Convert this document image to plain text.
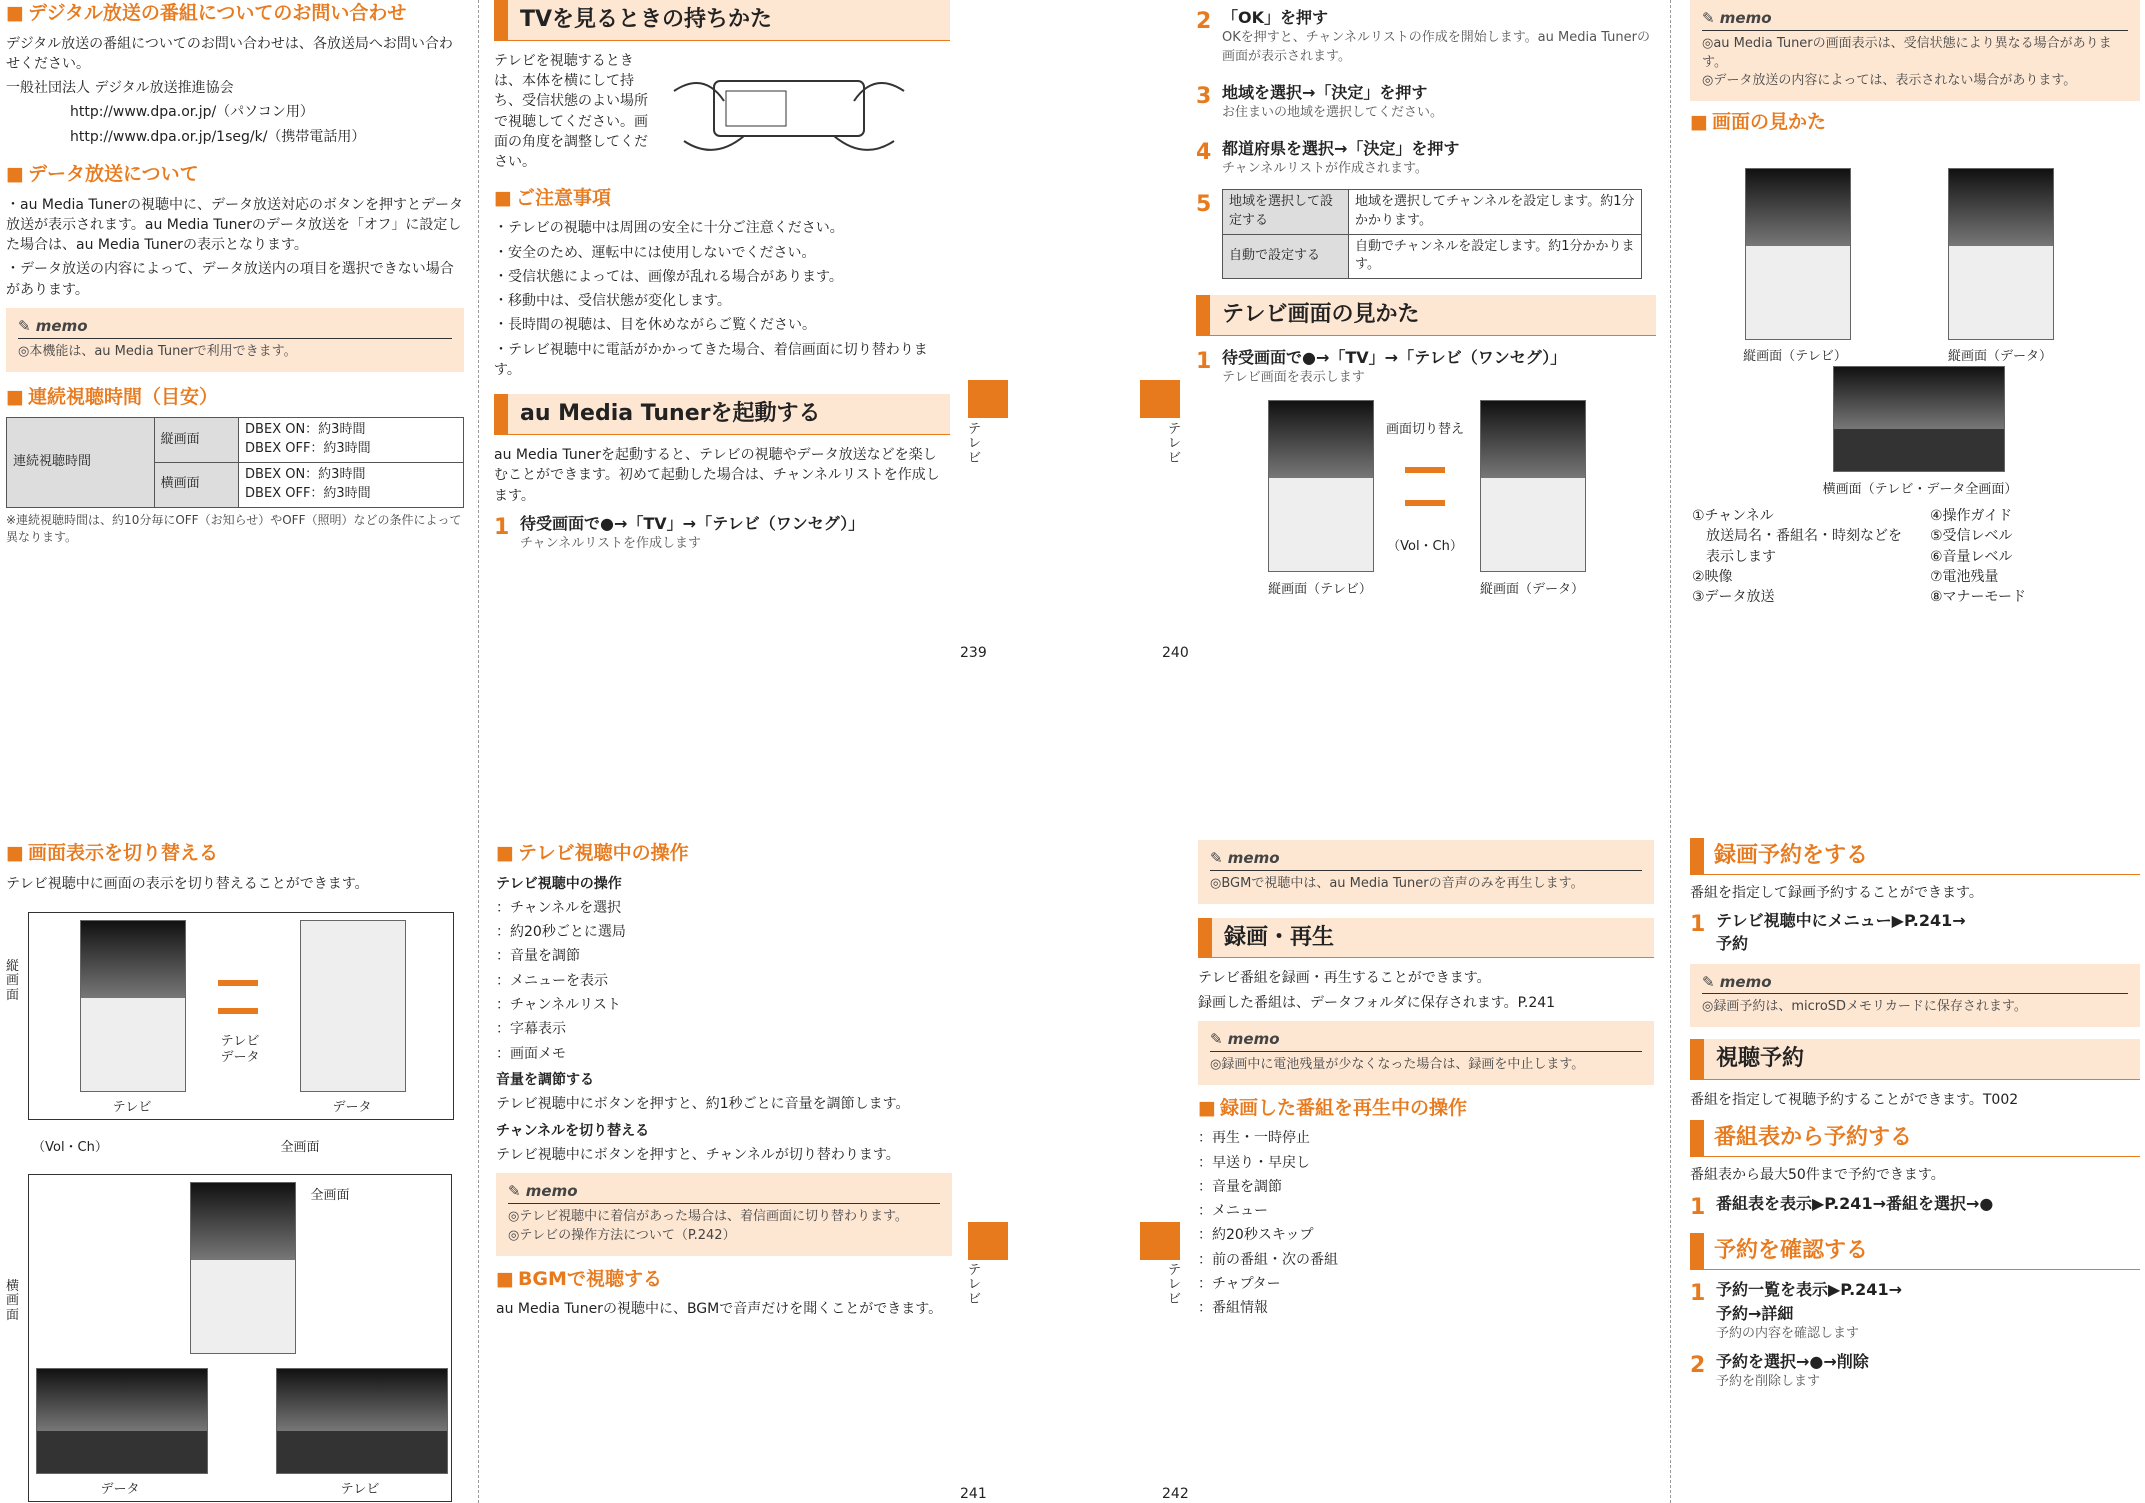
テレビ
テレビ
テレビ
テレビ
239	240
241	242
■ デジタル放送の番組についてのお問い合わせ

デジタル放送の番組についてのお問い合わせは、各放送局へお問い合わせください。

一般社団法人 デジタル放送推進協会

http://www.dpa.or.jp/（パソコン用）

http://www.dpa.or.jp/1seg/k/（携帯電話用）

■ データ放送について

・au Media Tunerの視聴中に、データ放送対応のボタンを押すとデータ放送が表示されます。au Media Tunerのデータ放送を「オフ」に設定した場合は、au Media Tunerの表示となります。

・データ放送の内容によって、データ放送内の項目を選択できない場合があります。

✎ memo
◎本機能は、au Media Tunerで利用できます。
■ 連続視聴時間（目安）
連続視聴時間	縦画面	DBEX ON：約3時間
DBEX OFF：約3時間

	横画面	DBEX ON：約3時間
DBEX OFF：約3時間

※連続視聴時間は、約10分毎にOFF（お知らせ）やOFF（照明）などの条件によって異なります。

TVを見るときの持ちかた

テレビを視聴するときは、本体を横にして持ち、受信状態のよい場所で視聴してください。画面の角度を調整してください。

■ ご注意事項

・テレビの視聴中は周囲の安全に十分ご注意ください。

・安全のため、運転中には使用しないでください。

・受信状態によっては、画像が乱れる場合があります。

・移動中は、受信状態が変化します。

・長時間の視聴は、目を休めながらご覧ください。

・テレビ視聴中に電話がかかってきた場合、着信画面に切り替わります。

au Media Tunerを起動する

au Media Tunerを起動すると、テレビの視聴やデータ放送などを楽しむことができます。初めて起動した場合は、チャンネルリストを作成します。

1 待受画面で●→「TV」→「テレビ（ワンセグ）」
チャンネルリストを作成します
2 「OK」を押す
OKを押すと、チャンネルリストの作成を開始します。au Media Tunerの画面が表示されます。
3 地域を選択→「決定」を押す
お住まいの地域を選択してください。
4 都道府県を選択→「決定」を押す
チャンネルリストが作成されます。
5 地域を選択して設定する	地域を選択してチャンネルを設定します。約1分かかります。
自動で設定する	自動でチャンネルを設定します。約1分かかります。
テレビ画面の見かた
1 待受画面で●→「TV」→「テレビ（ワンセグ）」
テレビ画面を表示します
画面切り替え
（Vol・Ch）
縦画面（テレビ）	縦画面（データ）
✎ memo
◎au Media Tunerの画面表示は、受信状態により異なる場合があります。
◎データ放送の内容によっては、表示されない場合があります。
■ 画面の見かた
縦画面（テレビ）	縦画面（データ）
横画面（テレビ・データ全画面）
①チャンネル
放送局名・番組名・時刻などを表示します
②映像
③データ放送
④操作ガイド
⑤受信レベル
⑥音量レベル
⑦電池残量
⑧マナーモード
■ 画面表示を切り替える

テレビ視聴中に画面の表示を切り替えることができます。

テレビ
データ
テレビ	データ
（Vol・Ch）	全画面
全画面
データ	テレビ
縦画面
横画面
■ テレビ視聴中の操作

テレビ視聴中の操作

：チャンネルを選択

：約20秒ごとに選局

：音量を調節

：メニューを表示

：チャンネルリスト

：字幕表示

：画面メモ

音量を調節する

テレビ視聴中にボタンを押すと、約1秒ごとに音量を調節します。

チャンネルを切り替える

テレビ視聴中にボタンを押すと、チャンネルが切り替わります。

✎ memo
◎テレビ視聴中に着信があった場合は、着信画面に切り替わります。
◎テレビの操作方法について（P.242）
■ BGMで視聴する

au Media Tunerの視聴中に、BGMで音声だけを聞くことができます。

✎ memo
◎BGMで視聴中は、au Media Tunerの音声のみを再生します。
録画・再生

テレビ番組を録画・再生することができます。

録画した番組は、データフォルダに保存されます。P.241

✎ memo
◎録画中に電池残量が少なくなった場合は、録画を中止します。
■ 録画した番組を再生中の操作

：再生・一時停止

：早送り・早戻し

：音量を調節

：メニュー

：約20秒スキップ

：前の番組・次の番組

：チャプター

：番組情報

録画予約をする

番組を指定して録画予約することができます。

1 テレビ視聴中にメニュー▶P.241→
予約
✎ memo
◎録画予約は、microSDメモリカードに保存されます。
視聴予約

番組を指定して視聴予約することができます。T002

番組表から予約する

番組表から最大50件まで予約できます。

1 番組表を表示▶P.241→番組を選択→●
予約を確認する
1 予約一覧を表示▶P.241→
予約→詳細
予約の内容を確認します
2 予約を選択→●→削除
予約を削除します
